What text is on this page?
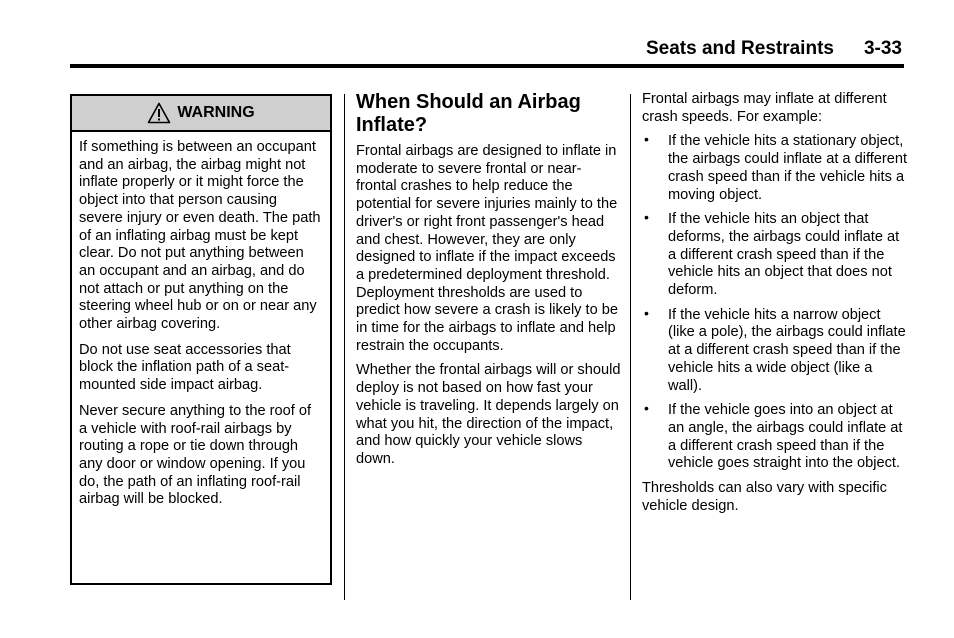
Seats and Restraints 3-33
WARNING

If something is between an occupant and an airbag, the airbag might not inflate properly or it might force the object into that person causing severe injury or even death. The path of an inflating airbag must be kept clear. Do not put anything between an occupant and an airbag, and do not attach or put anything on the steering wheel hub or on or near any other airbag covering.

Do not use seat accessories that block the inflation path of a seat-mounted side impact airbag.

Never secure anything to the roof of a vehicle with roof-rail airbags by routing a rope or tie down through any door or window opening. If you do, the path of an inflating roof-rail airbag will be blocked.

When Should an Airbag Inflate?

Frontal airbags are designed to inflate in moderate to severe frontal or near-frontal crashes to help reduce the potential for severe injuries mainly to the driver's or right front passenger's head and chest. However, they are only designed to inflate if the impact exceeds a predetermined deployment threshold. Deployment thresholds are used to predict how severe a crash is likely to be in time for the airbags to inflate and help restrain the occupants.

Whether the frontal airbags will or should deploy is not based on how fast your vehicle is traveling. It depends largely on what you hit, the direction of the impact, and how quickly your vehicle slows down.

Frontal airbags may inflate at different crash speeds. For example:

• If the vehicle hits a stationary object, the airbags could inflate at a different crash speed than if the vehicle hits a moving object.
• If the vehicle hits an object that deforms, the airbags could inflate at a different crash speed than if the vehicle hits an object that does not deform.
• If the vehicle hits a narrow object (like a pole), the airbags could inflate at a different crash speed than if the vehicle hits a wide object (like a wall).
• If the vehicle goes into an object at an angle, the airbags could inflate at a different crash speed than if the vehicle goes straight into the object.

Thresholds can also vary with specific vehicle design.
